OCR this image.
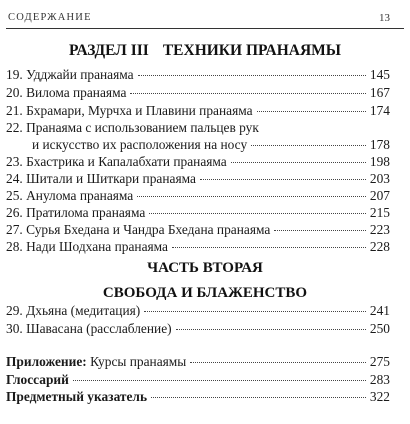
СОДЕРЖАНИЕ	13
РАЗДЕЛ III ТЕХНИКИ ПРАНАЯМЫ
19. Удджайи пранаяма	145
20. Вилома пранаяма	167
21. Бхрамари, Мурчха и Плавини пранаяма	174
22. Пранаяма с использованием пальцев рук
и искусство их расположения на носу	178
23. Бхастрика и Капалабхати пранаяма	198
24. Шитали и Шиткари пранаяма	203
25. Анулома пранаяма	207
26. Пратилома пранаяма	215
27. Сурья Бхедана и Чандра Бхедана пранаяма	223
28. Нади Шодхана пранаяма	228
ЧАСТЬ ВТОРАЯ
СВОБОДА И БЛАЖЕНСТВО
29. Дхьяна (медитация)	241
30. Шавасана (расслабление)	250
Приложение: Курсы пранаямы	275
Глоссарий	283
Предметный указатель	322
